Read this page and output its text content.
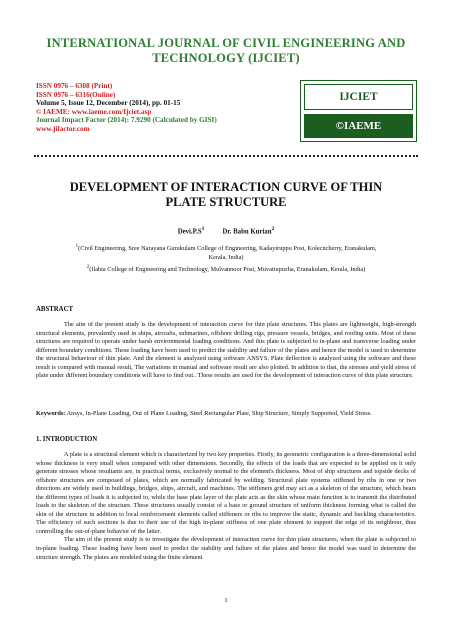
INTERNATIONAL JOURNAL OF CIVIL ENGINEERING AND
TECHNOLOGY (IJCIET)
ISSN 0976 – 6308 (Print)
ISSN 0976 – 6316(Online)
Volume 5, Issue 12, December (2014), pp. 01-15
© IAEME: www.iaeme.com/Ijciet.asp
Journal Impact Factor (2014): 7.9290 (Calculated by GISI)
www.jifactor.com
IJCIET
©IAEME
DEVELOPMENT OF INTERACTION CURVE OF THIN
PLATE STRUCTURE
$Devi.P.S^1$	Dr. Babu Kurian$^2$
$^1$(Civil Engineering, Sree Narayana Gurukulam College of Engineering, Kadayiruppu Post, Kolecncherry, Eranakulam,
Kerala, India)
$^2$(Ilahia College of Engineering and Technology, Mulvannoor Post, Muvattupuzha, Eranakulam, Kerala, India)
ABSTRACT

The aim of the present study is the development of interaction curve for thin plate structures. This plates are lightweight, high-strength structural elements, prevalently used in ships, aircrafts, submarines, offshore drilling rigs, pressure vessels, bridges, and roofing units. Most of these structures are required to operate under harsh environmental loading conditions. And this plate is subjected to in-plane and transverse loading under different boundary conditions. These loading have been used to predict the stability and failure of the plates and hence the model is used to determine the structural behaviour of thin plate. And the element is analyzed using software ANSYS. Plate deflection is analyzed using the software and these result is compared with manual result, The variations in manual and software result are also plotted. In addition to that, the stresses and yield stress of plate under different boundary conditions will have to find out.. These results are used for the development of interaction curve of thin plate structure.

Keywords: Ansys, In-Plane Loading, Out of Plane Loading, Steel Rectangular Plate, Ship Structure, Simply Supported, Yield Stress.
1. INTRODUCTION

A plate is a structural element which is characterized by two key properties. Firstly, its geometric configuration is a three-dimensional solid whose thickness is very small when compared with other dimensions. Secondly, the effects of the loads that are expected to be applied on it only generate stresses whose resultants are, in practical terms, exclusively normal to the element's thickness. Most of ship structures and topside decks of offshore structures are composed of plates, which are normally fabricated by welding. Structural plate systems stiffened by ribs in one or two directions are widely used in buildings, bridges, ships, aircraft, and machines. The stiffeners grid may act as a skeleton of the structure, which bears the different types of loads it is subjected to, while the base plate layer of the plate acts as the skin whose main function is to transmit the distributed loads to the skeleton of the structure. These structures usually consist of a base or ground structure of uniform thickness forming what is called the skin of the structure in addition to local reinforcement elements called stiffeners or ribs to improve the static, dynamic and buckling characteristics. The efficiency of such sections is due to their use of the high in-plane stiffness of one plate element to support the edge of its neighbour, thus controlling the out-of-plane behavior of the latter.

The aim of the present study is to investigate the development of interaction curve for thin plate structures, when the plate is subjected to in-plane loading. These loading have been used to predict the stability and failure of the plates and hence the model was used to determine the structure strength. The plates are modeled using the finite element

1
